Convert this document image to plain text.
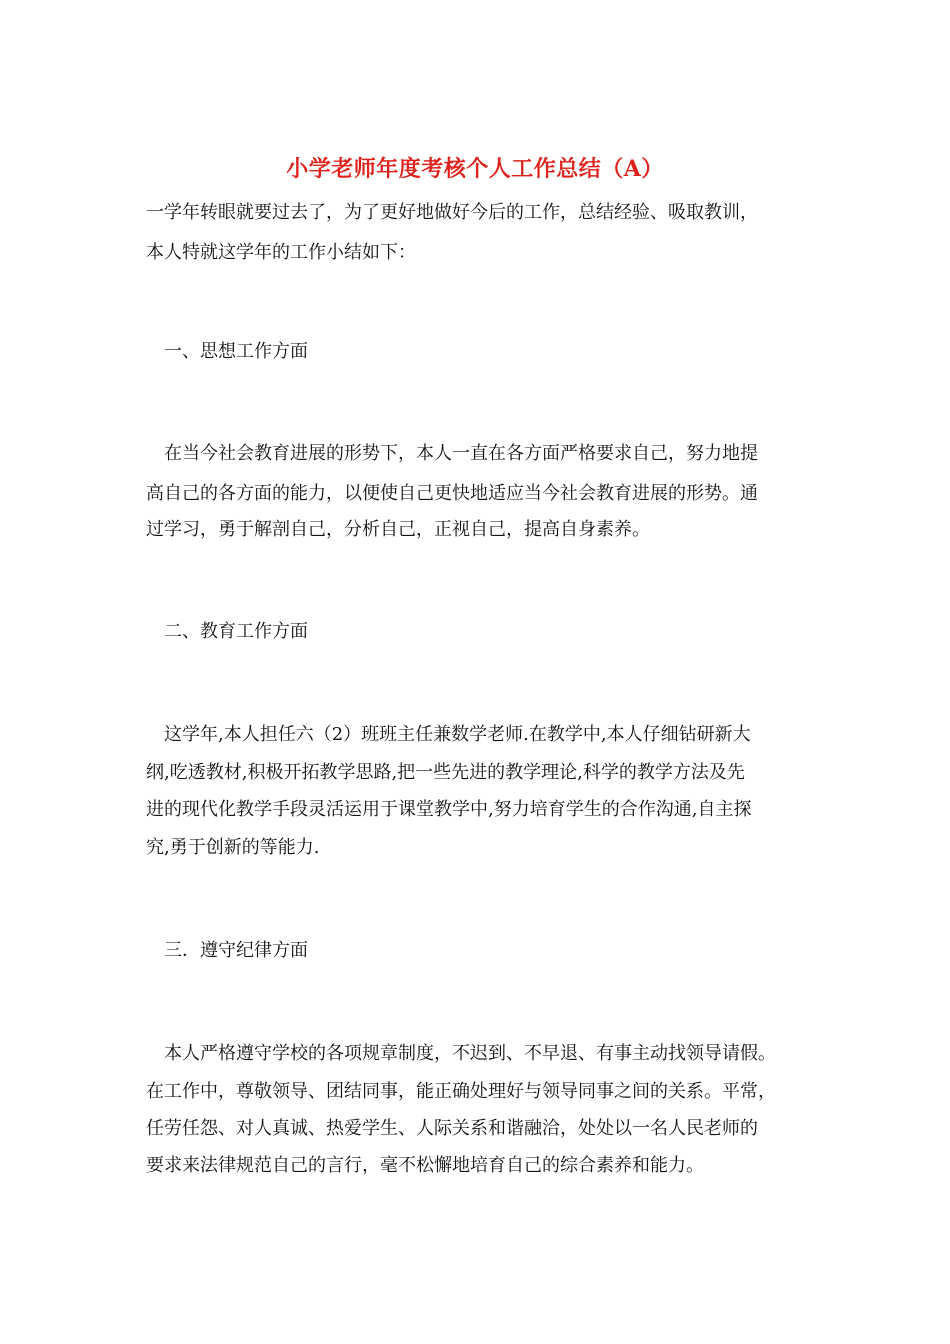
小学老师年度考核个人工作总结（A）
一学年转眼就要过去了，为了更好地做好今后的工作，总结经验、吸取教训，
本人特就这学年的工作小结如下：
一、思想工作方面
在当今社会教育进展的形势下，本人一直在各方面严格要求自己，努力地提
高自己的各方面的能力，以便使自己更快地适应当今社会教育进展的形势。通
过学习，勇于解剖自己，分析自己，正视自己，提高自身素养。
二、教育工作方面
这学年,本人担任六（2）班班主任兼数学老师.在教学中,本人仔细钻研新大
纲,吃透教材,积极开拓教学思路,把一些先进的教学理论,科学的教学方法及先
进的现代化教学手段灵活运用于课堂教学中,努力培育学生的合作沟通,自主探
究,勇于创新的等能力.
三．遵守纪律方面
本人严格遵守学校的各项规章制度，不迟到、不早退、有事主动找领导请假。
在工作中，尊敬领导、团结同事，能正确处理好与领导同事之间的关系。平常，
任劳任怨、对人真诚、热爱学生、人际关系和谐融洽，处处以一名人民老师的
要求来法律规范自己的言行，毫不松懈地培育自己的综合素养和能力。
